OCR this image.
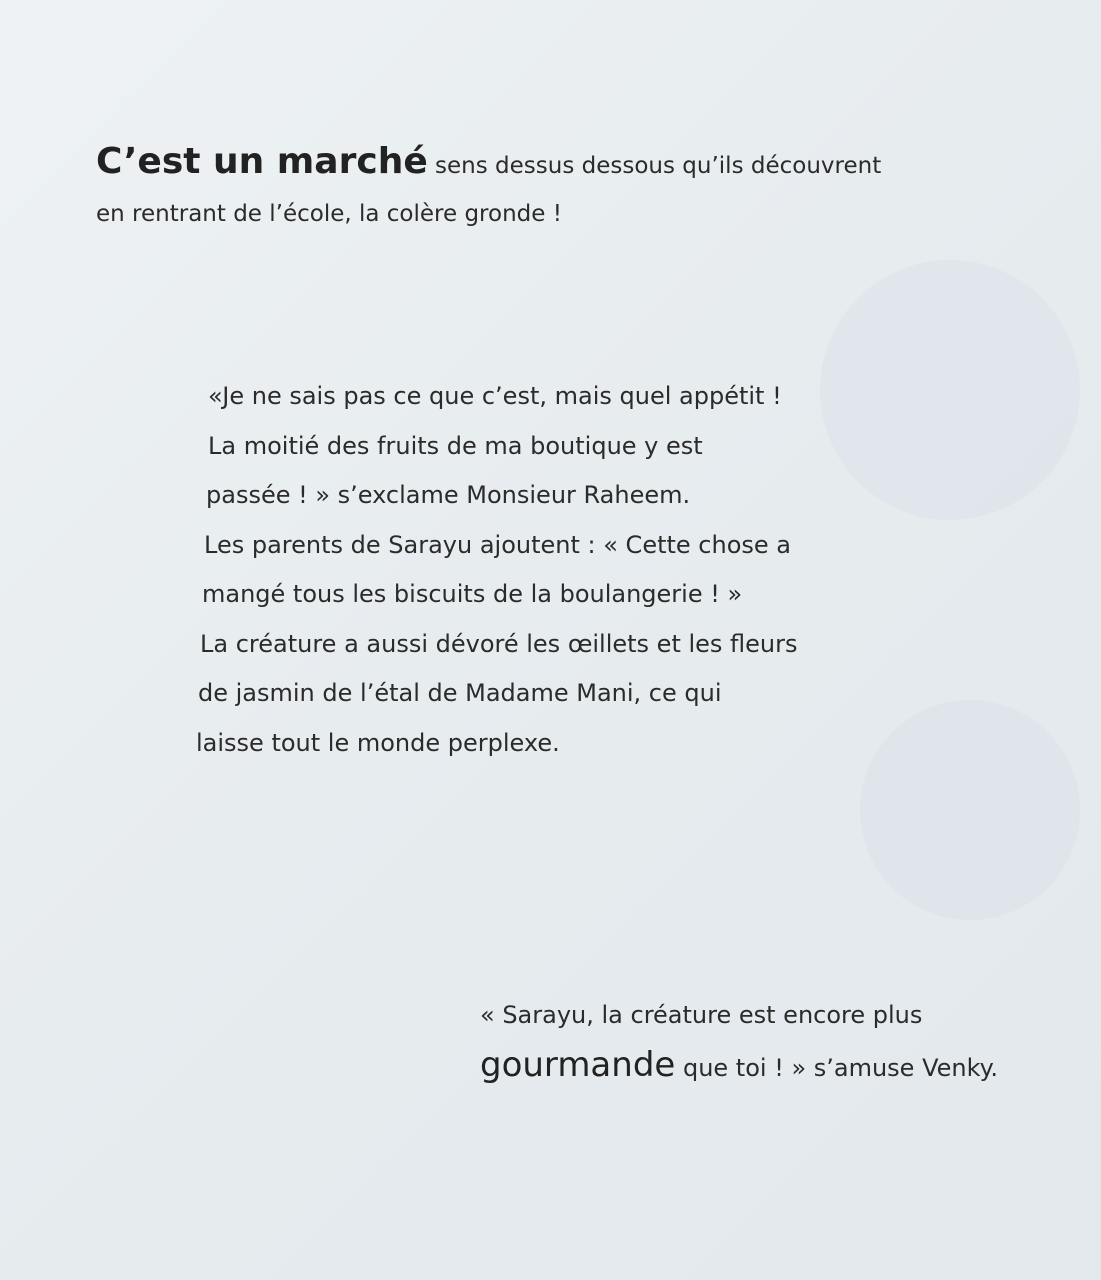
C’est un marché sens dessus dessous qu’ils découvrent
en rentrant de l’école, la colère gronde !

«Je ne sais pas ce que c’est, mais quel appétit !
La moitié des fruits de ma boutique y est
passée ! » s’exclame Monsieur Raheem.
Les parents de Sarayu ajoutent : « Cette chose a
mangé tous les biscuits de la boulangerie ! »
La créature a aussi dévoré les œillets et les fleurs
de jasmin de l’étal de Madame Mani, ce qui
laisse tout le monde perplexe.

« Sarayu, la créature est encore plus
gourmande que toi ! » s’amuse Venky.
